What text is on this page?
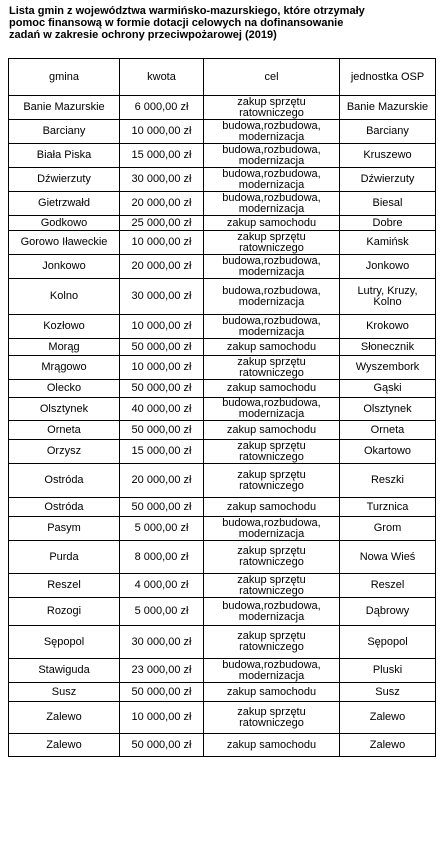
Lista gmin z województwa warmińsko-mazurskiego, które otrzymały
pomoc finansową w formie dotacji celowych na dofinansowanie
zadań w zakresie ochrony przeciwpożarowej (2019)
gmina	kwota	cel	jednostka OSP
Banie Mazurskie	6 000,00 zł	zakup sprzętu ratowniczego	Banie Mazurskie
Barciany	10 000,00 zł	budowa,rozbudowa, modernizacja	Barciany
Biała Piska	15 000,00 zł	budowa,rozbudowa, modernizacja	Kruszewo
Dźwierzuty	30 000,00 zł	budowa,rozbudowa, modernizacja	Dźwierzuty
Gietrzwałd	20 000,00 zł	budowa,rozbudowa, modernizacja	Biesal
Godkowo	25 000,00 zł	zakup samochodu	Dobre
Gorowo Iławeckie	10 000,00 zł	zakup sprzętu ratowniczego	Kamińsk
Jonkowo	20 000,00 zł	budowa,rozbudowa, modernizacja	Jonkowo
Kolno	30 000,00 zł	budowa,rozbudowa, modernizacja	Lutry, Kruzy, Kolno
Kozłowo	10 000,00 zł	budowa,rozbudowa, modernizacja	Krokowo
Morąg	50 000,00 zł	zakup samochodu	Słonecznik
Mrągowo	10 000,00 zł	zakup sprzętu ratowniczego	Wyszembork
Olecko	50 000,00 zł	zakup samochodu	Gąski
Olsztynek	40 000,00 zł	budowa,rozbudowa, modernizacja	Olsztynek
Orneta	50 000,00 zł	zakup samochodu	Orneta
Orzysz	15 000,00 zł	zakup sprzętu ratowniczego	Okartowo
Ostróda	20 000,00 zł	zakup sprzętu ratowniczego	Reszki
Ostróda	50 000,00 zł	zakup samochodu	Turznica
Pasym	5 000,00 zł	budowa,rozbudowa, modernizacja	Grom
Purda	8 000,00 zł	zakup sprzętu ratowniczego	Nowa Wieś
Reszel	4 000,00 zł	zakup sprzętu ratowniczego	Reszel
Rozogi	5 000,00 zł	budowa,rozbudowa, modernizacja	Dąbrowy
Sępopol	30 000,00 zł	zakup sprzętu ratowniczego	Sępopol
Stawiguda	23 000,00 zł	budowa,rozbudowa, modernizacja	Pluski
Susz	50 000,00 zł	zakup samochodu	Susz
Zalewo	10 000,00 zł	zakup sprzętu ratowniczego	Zalewo
Zalewo	50 000,00 zł	zakup samochodu	Zalewo
